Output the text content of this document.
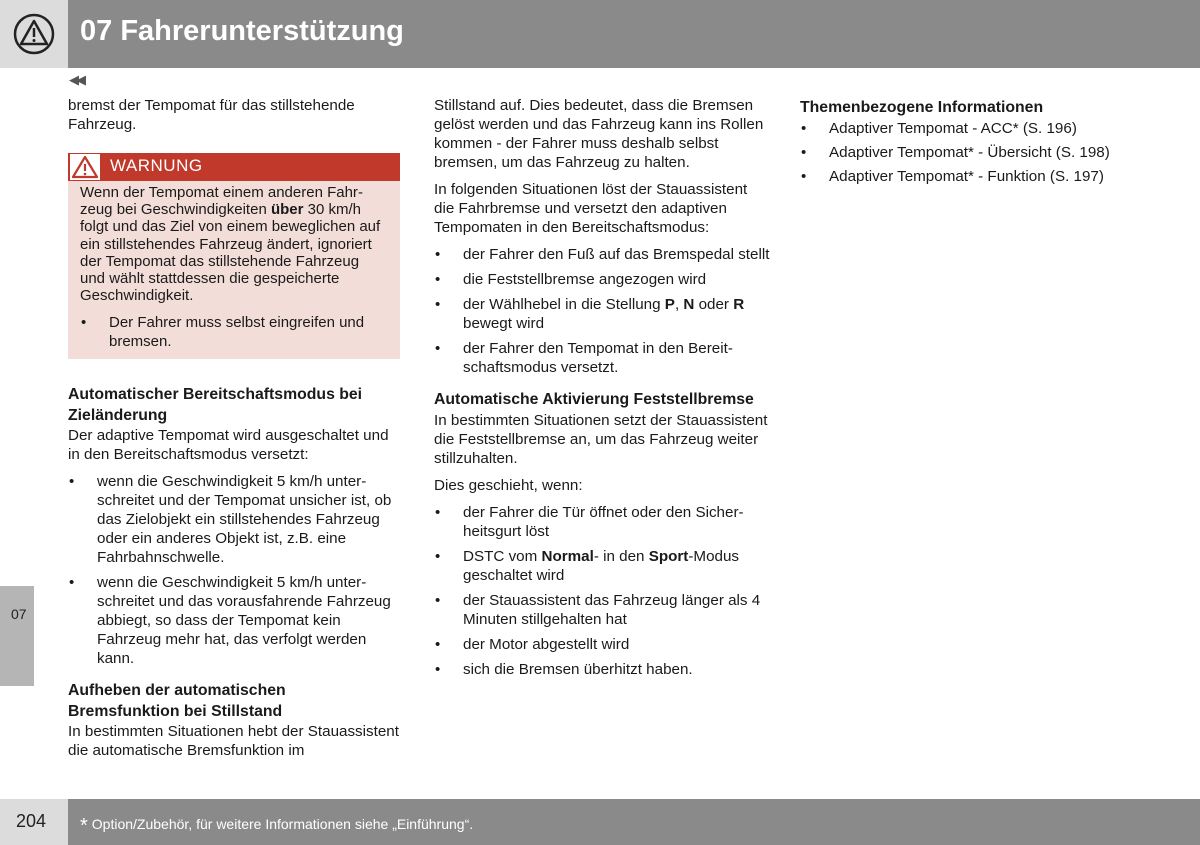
07 Fahrerunterstützung
◀◀
07

bremst der Tempomat für das stillstehende Fahrzeug.

WARNUNG

Wenn der Tempomat einem anderen Fahrzeug bei Geschwindigkeiten über 30 km/h folgt und das Ziel von einem beweglichen auf ein stillstehendes Fahrzeug ändert, ignoriert der Tempomat das stillstehende Fahrzeug und wählt stattdessen die gespeicherte Geschwindigkeit.

• Der Fahrer muss selbst eingreifen und bremsen.

Automatischer Bereitschaftsmodus bei Zieländerung

Der adaptive Tempomat wird ausgeschaltet und in den Bereitschaftsmodus versetzt:

• wenn die Geschwindigkeit 5 km/h unterschreitet und der Tempomat unsicher ist, ob das Zielobjekt ein stillstehendes Fahrzeug oder ein anderes Objekt ist, z.B. eine Fahrbahnschwelle.
• wenn die Geschwindigkeit 5 km/h unterschreitet und das vorausfahrende Fahrzeug abbiegt, so dass der Tempomat kein Fahrzeug mehr hat, das verfolgt werden kann.

Aufheben der automatischen Bremsfunktion bei Stillstand

In bestimmten Situationen hebt der Stauassistent die automatische Bremsfunktion im

Stillstand auf. Dies bedeutet, dass die Bremsen gelöst werden und das Fahrzeug kann ins Rollen kommen - der Fahrer muss deshalb selbst bremsen, um das Fahrzeug zu halten.

In folgenden Situationen löst der Stauassistent die Fahrbremse und versetzt den adaptiven Tempomaten in den Bereitschaftsmodus:

• der Fahrer den Fuß auf das Bremspedal stellt
• die Feststellbremse angezogen wird
• der Wählhebel in die Stellung P, N oder R bewegt wird
• der Fahrer den Tempomat in den Bereitschaftsmodus versetzt.

Automatische Aktivierung Feststellbremse

In bestimmten Situationen setzt der Stauassistent die Feststellbremse an, um das Fahrzeug weiter stillzuhalten.

Dies geschieht, wenn:

• der Fahrer die Tür öffnet oder den Sicherheitsgurt löst
• DSTC vom Normal- in den Sport-Modus geschaltet wird
• der Stauassistent das Fahrzeug länger als 4 Minuten stillgehalten hat
• der Motor abgestellt wird
• sich die Bremsen überhitzt haben.

Themenbezogene Informationen

• Adaptiver Tempomat - ACC* (S. 196)
• Adaptiver Tempomat* - Übersicht (S. 198)
• Adaptiver Tempomat* - Funktion (S. 197)
204 * Option/Zubehör, für weitere Informationen siehe „Einführung“.
